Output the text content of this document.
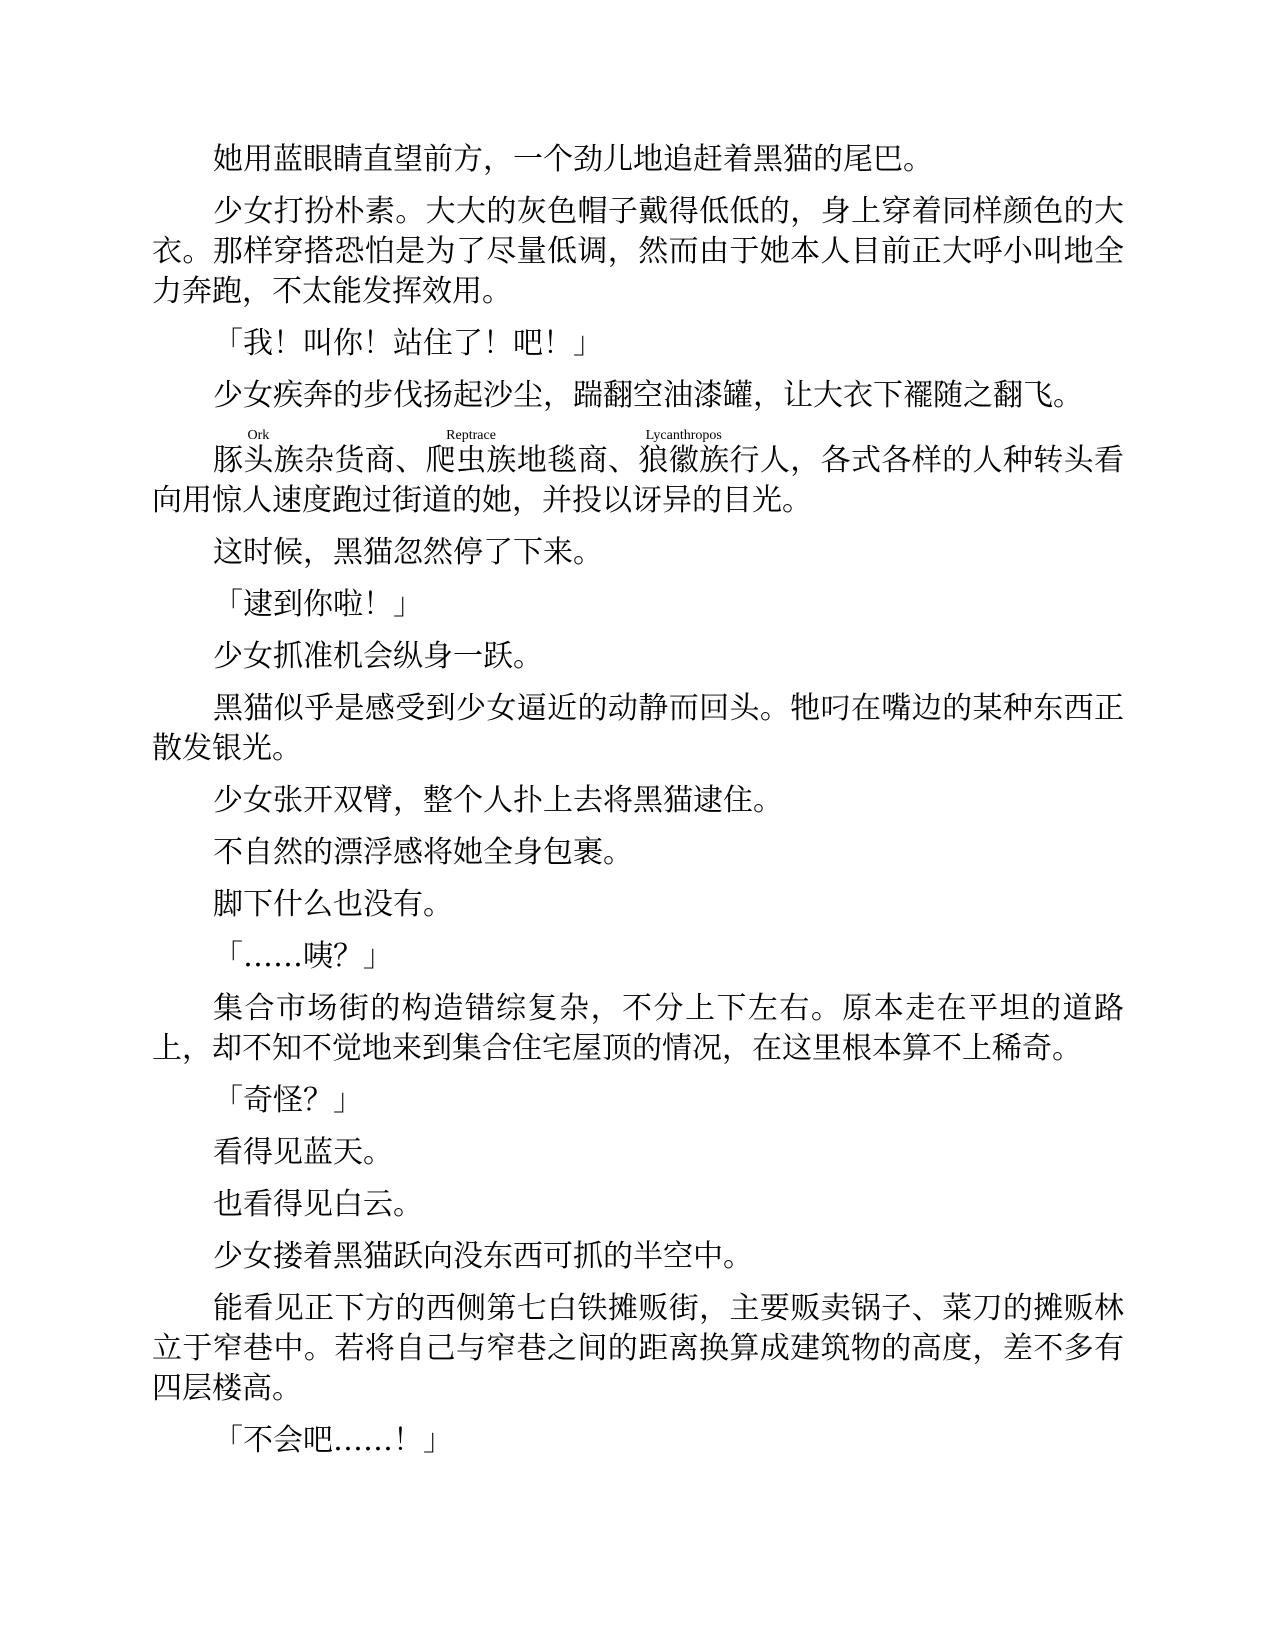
她用蓝眼睛直望前方，一个劲儿地追赶着黑猫的尾巴。

少女打扮朴素。大大的灰色帽子戴得低低的，身上穿着同样颜色的大衣。那样穿搭恐怕是为了尽量低调，然而由于她本人目前正大呼小叫地全力奔跑，不太能发挥效用。

「我！叫你！站住了！吧！」

少女疾奔的步伐扬起沙尘，踹翻空油漆罐，让大衣下襬随之翻飞。

豚头族Ork杂货商、爬虫族Reptrace地毯商、狼徽族Lycanthropos行人，各式各样的人种转头看向用惊人速度跑过街道的她，并投以讶异的目光。

这时候，黑猫忽然停了下来。

「逮到你啦！」

少女抓准机会纵身一跃。

黑猫似乎是感受到少女逼近的动静而回头。牠叼在嘴边的某种东西正散发银光。

少女张开双臂，整个人扑上去将黑猫逮住。

不自然的漂浮感将她全身包裹。

脚下什么也没有。

「……咦？」

集合市场街的构造错综复杂，不分上下左右。原本走在平坦的道路上，却不知不觉地来到集合住宅屋顶的情况，在这里根本算不上稀奇。

「奇怪？」

看得见蓝天。

也看得见白云。

少女搂着黑猫跃向没东西可抓的半空中。

能看见正下方的西侧第七白铁摊贩街，主要贩卖锅子、菜刀的摊贩林立于窄巷中。若将自己与窄巷之间的距离换算成建筑物的高度，差不多有四层楼高。

「不会吧……！」
